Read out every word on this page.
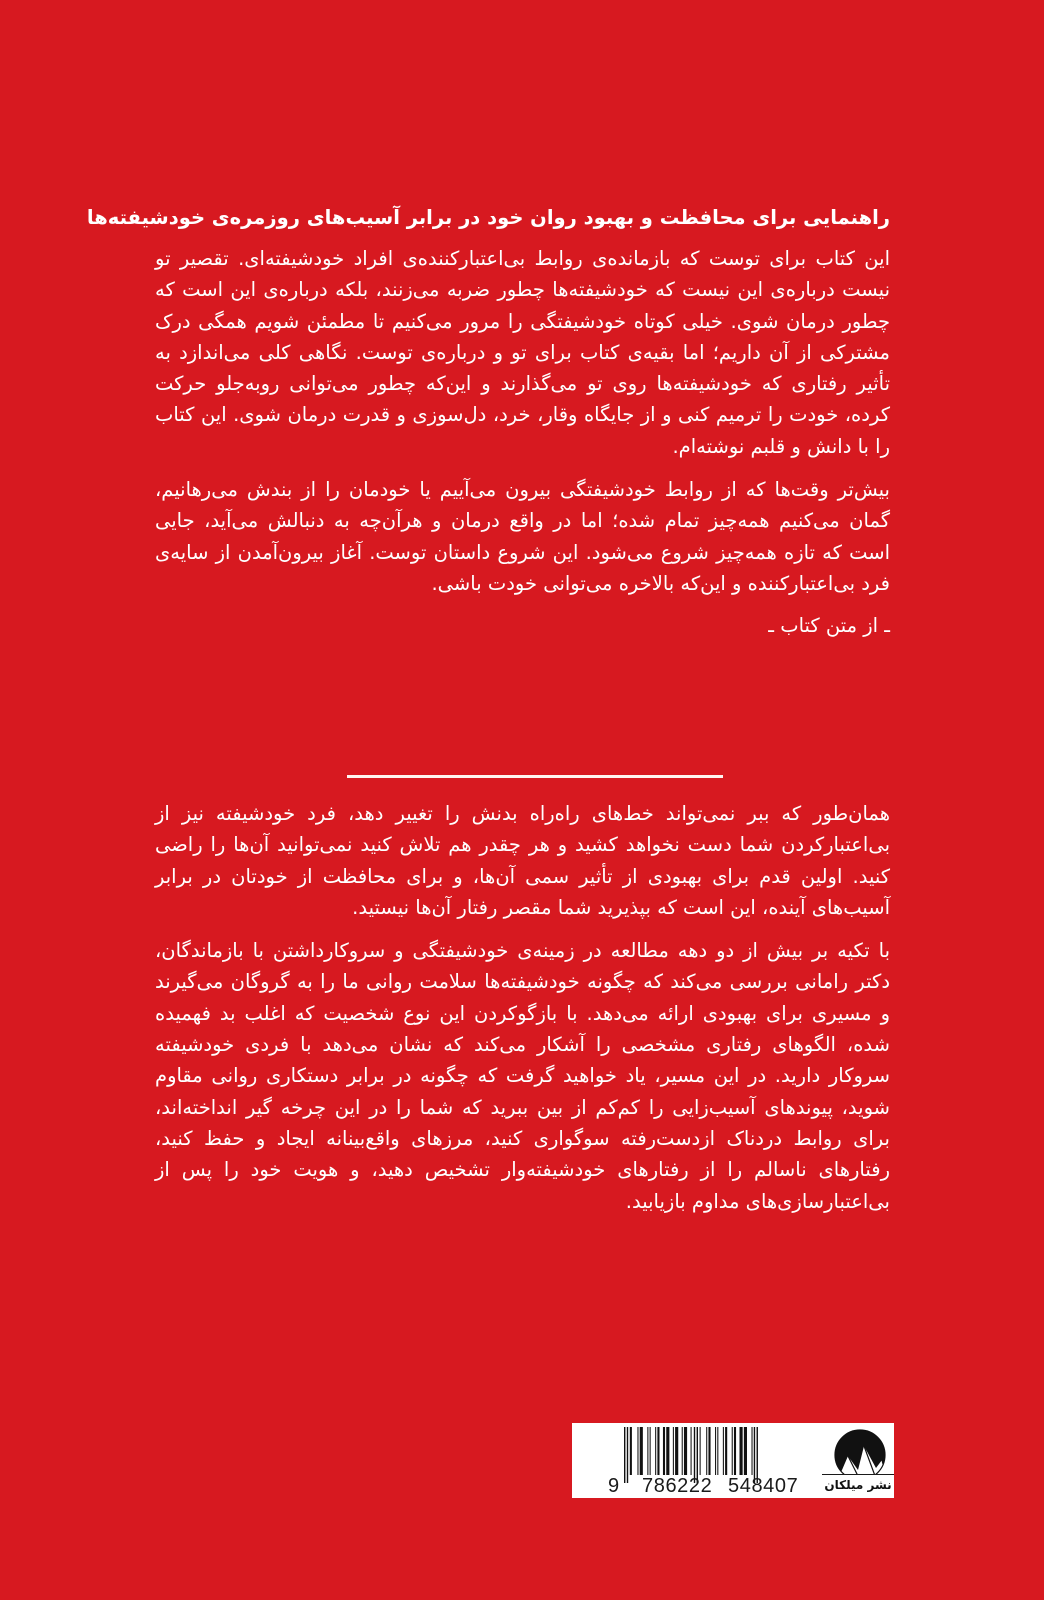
راهنمایی برای محافظت و بهبود روان خود در برابر آسیب‌های روزمره‌ی خودشیفته‌ها

این کتاب برای توست که بازمانده‌ی روابط بی‌اعتبارکننده‌ی افراد خودشیفته‌ای. تقصیر تو نیست درباره‌ی این نیست که خودشیفته‌ها چطور ضربه می‌زنند، بلکه درباره‌ی این است که چطور درمان شوی. خیلی کوتاه خودشیفتگی را مرور می‌کنیم تا مطمئن شویم همگی درک مشترکی از آن داریم؛ اما بقیه‌ی کتاب برای تو و درباره‌ی توست. نگاهی کلی می‌اندازد به تأثیر رفتاری که خودشیفته‌ها روی تو می‌گذارند و این‌که چطور می‌توانی روبه‌جلو حرکت کرده، خودت را ترمیم کنی و از جایگاه وقار، خرد، دل‌سوزی و قدرت درمان شوی. این کتاب را با دانش و قلبم نوشته‌ام.

بیش‌تر وقت‌ها که از روابط خودشیفتگی بیرون می‌آییم یا خودمان را از بندش می‌رهانیم، گمان می‌کنیم همه‌چیز تمام شده؛ اما در واقع درمان و هرآن‌چه به دنبالش می‌آید، جایی است که تازه همه‌چیز شروع می‌شود. این شروع داستان توست. آغاز بیرون‌آمدن از سایه‌ی فرد بی‌اعتبارکننده و این‌که بالاخره می‌توانی خودت باشی.

ـ از متن کتاب ـ

همان‌طور که ببر نمی‌تواند خط‌های راه‌راه بدنش را تغییر دهد، فرد خودشیفته نیز از بی‌اعتبارکردن شما دست نخواهد کشید و هر چقدر هم تلاش کنید نمی‌توانید آن‌ها را راضی کنید. اولین قدم برای بهبودی از تأثیر سمی آن‌ها، و برای محافظت از خودتان در برابر آسیب‌های آینده، این است که بپذیرید شما مقصر رفتار آن‌ها نیستید.

با تکیه بر بیش از دو دهه مطالعه در زمینه‌ی خودشیفتگی و سروکارداشتن با بازماندگان، دکتر رامانی بررسی می‌کند که چگونه خودشیفته‌ها سلامت روانی ما را به گروگان می‌گیرند و مسیری برای بهبودی ارائه می‌دهد. با بازگوکردن این نوع شخصیت که اغلب بد فهمیده شده، الگوهای رفتاری مشخصی را آشکار می‌کند که نشان می‌دهد با فردی خودشیفته سروکار دارید. در این مسیر، یاد خواهید گرفت که چگونه در برابر دستکاری روانی مقاوم شوید، پیوندهای آسیب‌زایی را کم‌کم از بین ببرید که شما را در این چرخه گیر انداخته‌اند، برای روابط دردناک ازدست‌رفته سوگواری کنید، مرزهای واقع‌بینانه ایجاد و حفظ کنید، رفتارهای ناسالم را از رفتارهای خودشیفته‌وار تشخیص دهید، و هویت خود را پس از بی‌اعتبارسازی‌های مداوم بازیابید.

9 786222 548407 نشر میلکان
